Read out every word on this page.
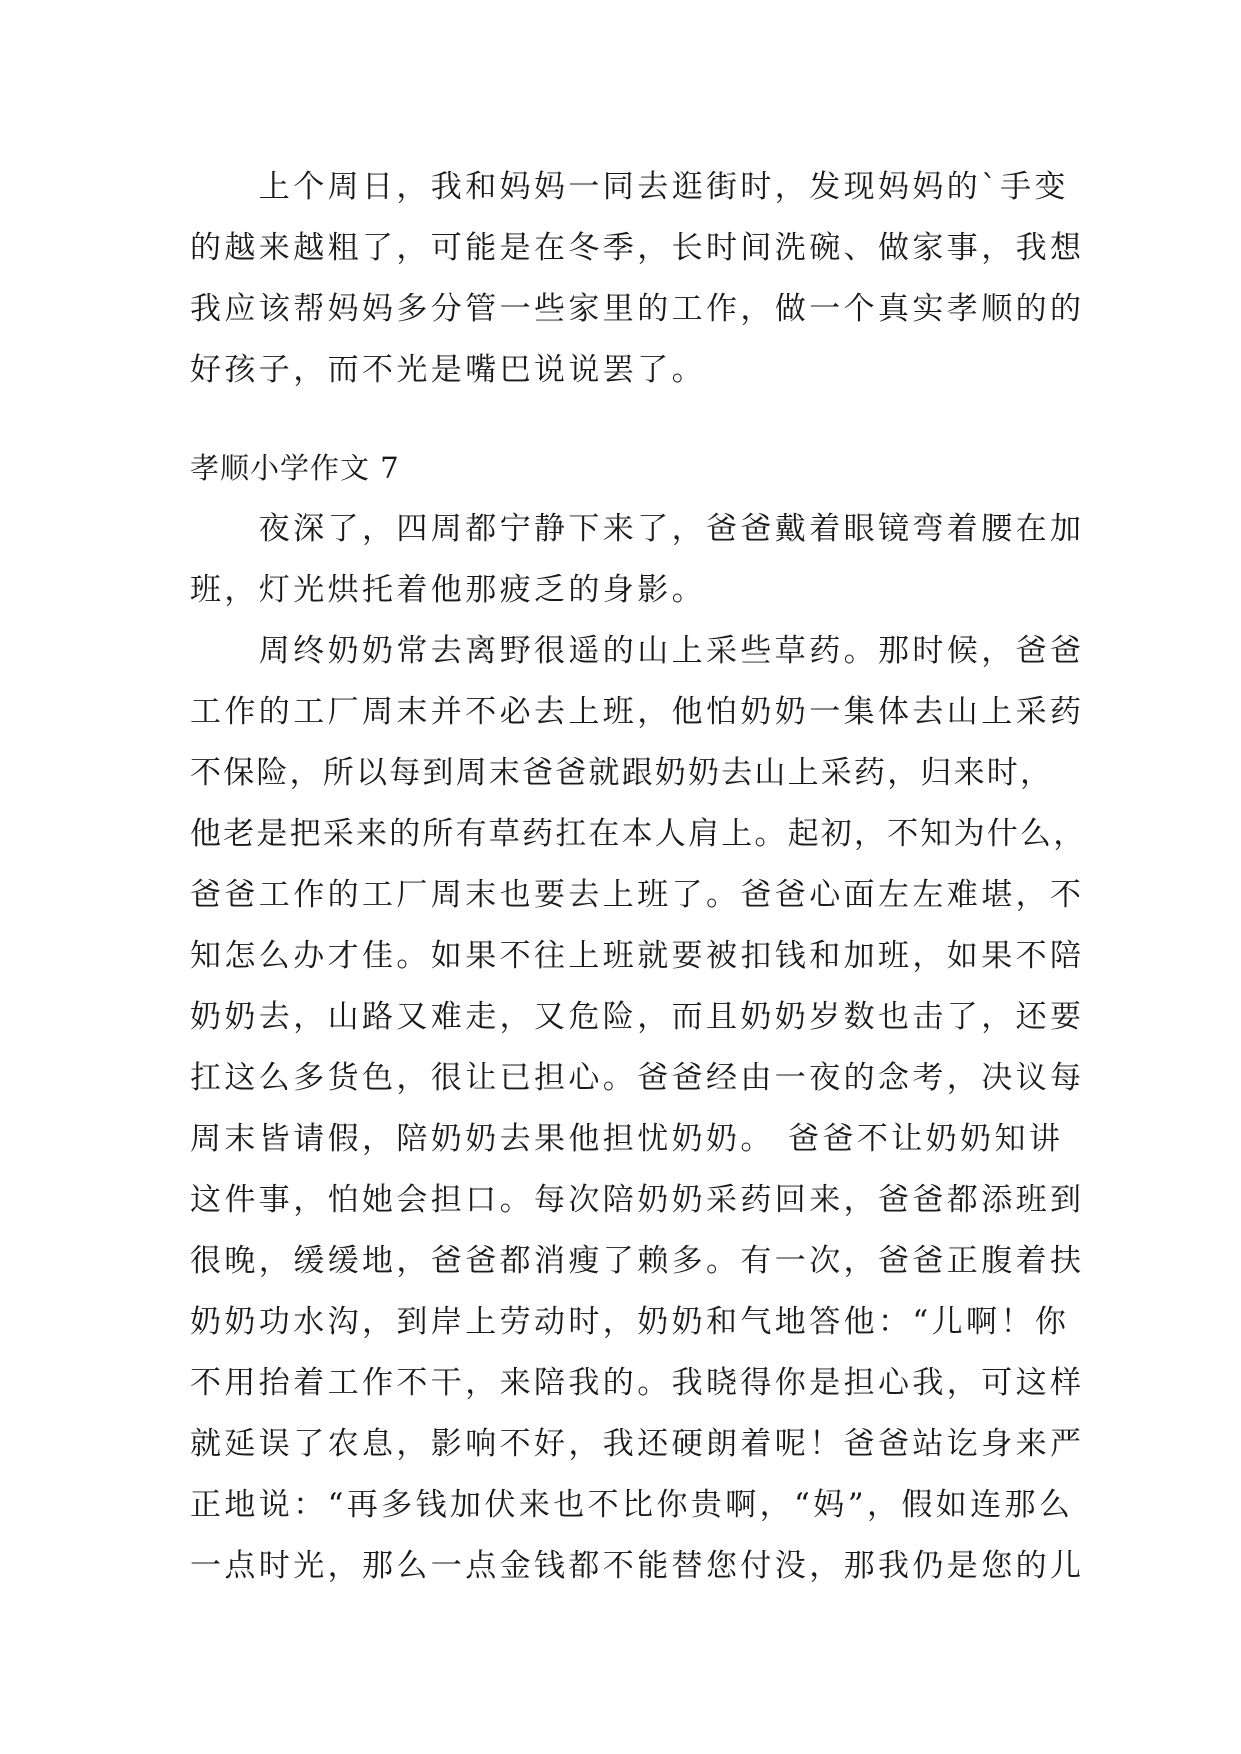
　　上个周日，我和妈妈一同去逛街时，发现妈妈的`手变
的越来越粗了，可能是在冬季，长时间洗碗、做家事，我想
我应该帮妈妈多分管一些家里的工作，做一个真实孝顺的的
好孩子，而不光是嘴巴说说罢了。
孝顺小学作文 7
　　夜深了，四周都宁静下来了，爸爸戴着眼镜弯着腰在加
班，灯光烘托着他那疲乏的身影。
　　周终奶奶常去离野很遥的山上采些草药。那时候，爸爸
工作的工厂周末并不必去上班，他怕奶奶一集体去山上采药
不保险，所以每到周末爸爸就跟奶奶去山上采药，归来时，
他老是把采来的所有草药扛在本人肩上。起初，不知为什么，
爸爸工作的工厂周末也要去上班了。爸爸心面左左难堪，不
知怎么办才佳。如果不往上班就要被扣钱和加班，如果不陪
奶奶去，山路又难走，又危险，而且奶奶岁数也击了，还要
扛这么多货色，很让已担心。爸爸经由一夜的念考，决议每
周末皆请假，陪奶奶去果他担忧奶奶。 爸爸不让奶奶知讲
这件事，怕她会担口。每次陪奶奶采药回来，爸爸都添班到
很晚，缓缓地，爸爸都消瘦了赖多。有一次，爸爸正腹着扶
奶奶功水沟，到岸上劳动时，奶奶和气地答他：“儿啊！你
不用抬着工作不干，来陪我的。我晓得你是担心我，可这样
就延误了农息，影响不好，我还硬朗着呢！爸爸站讫身来严
正地说：“再多钱加伏来也不比你贵啊，“妈”，假如连那么
一点时光，那么一点金钱都不能替您付没，那我仍是您的儿
